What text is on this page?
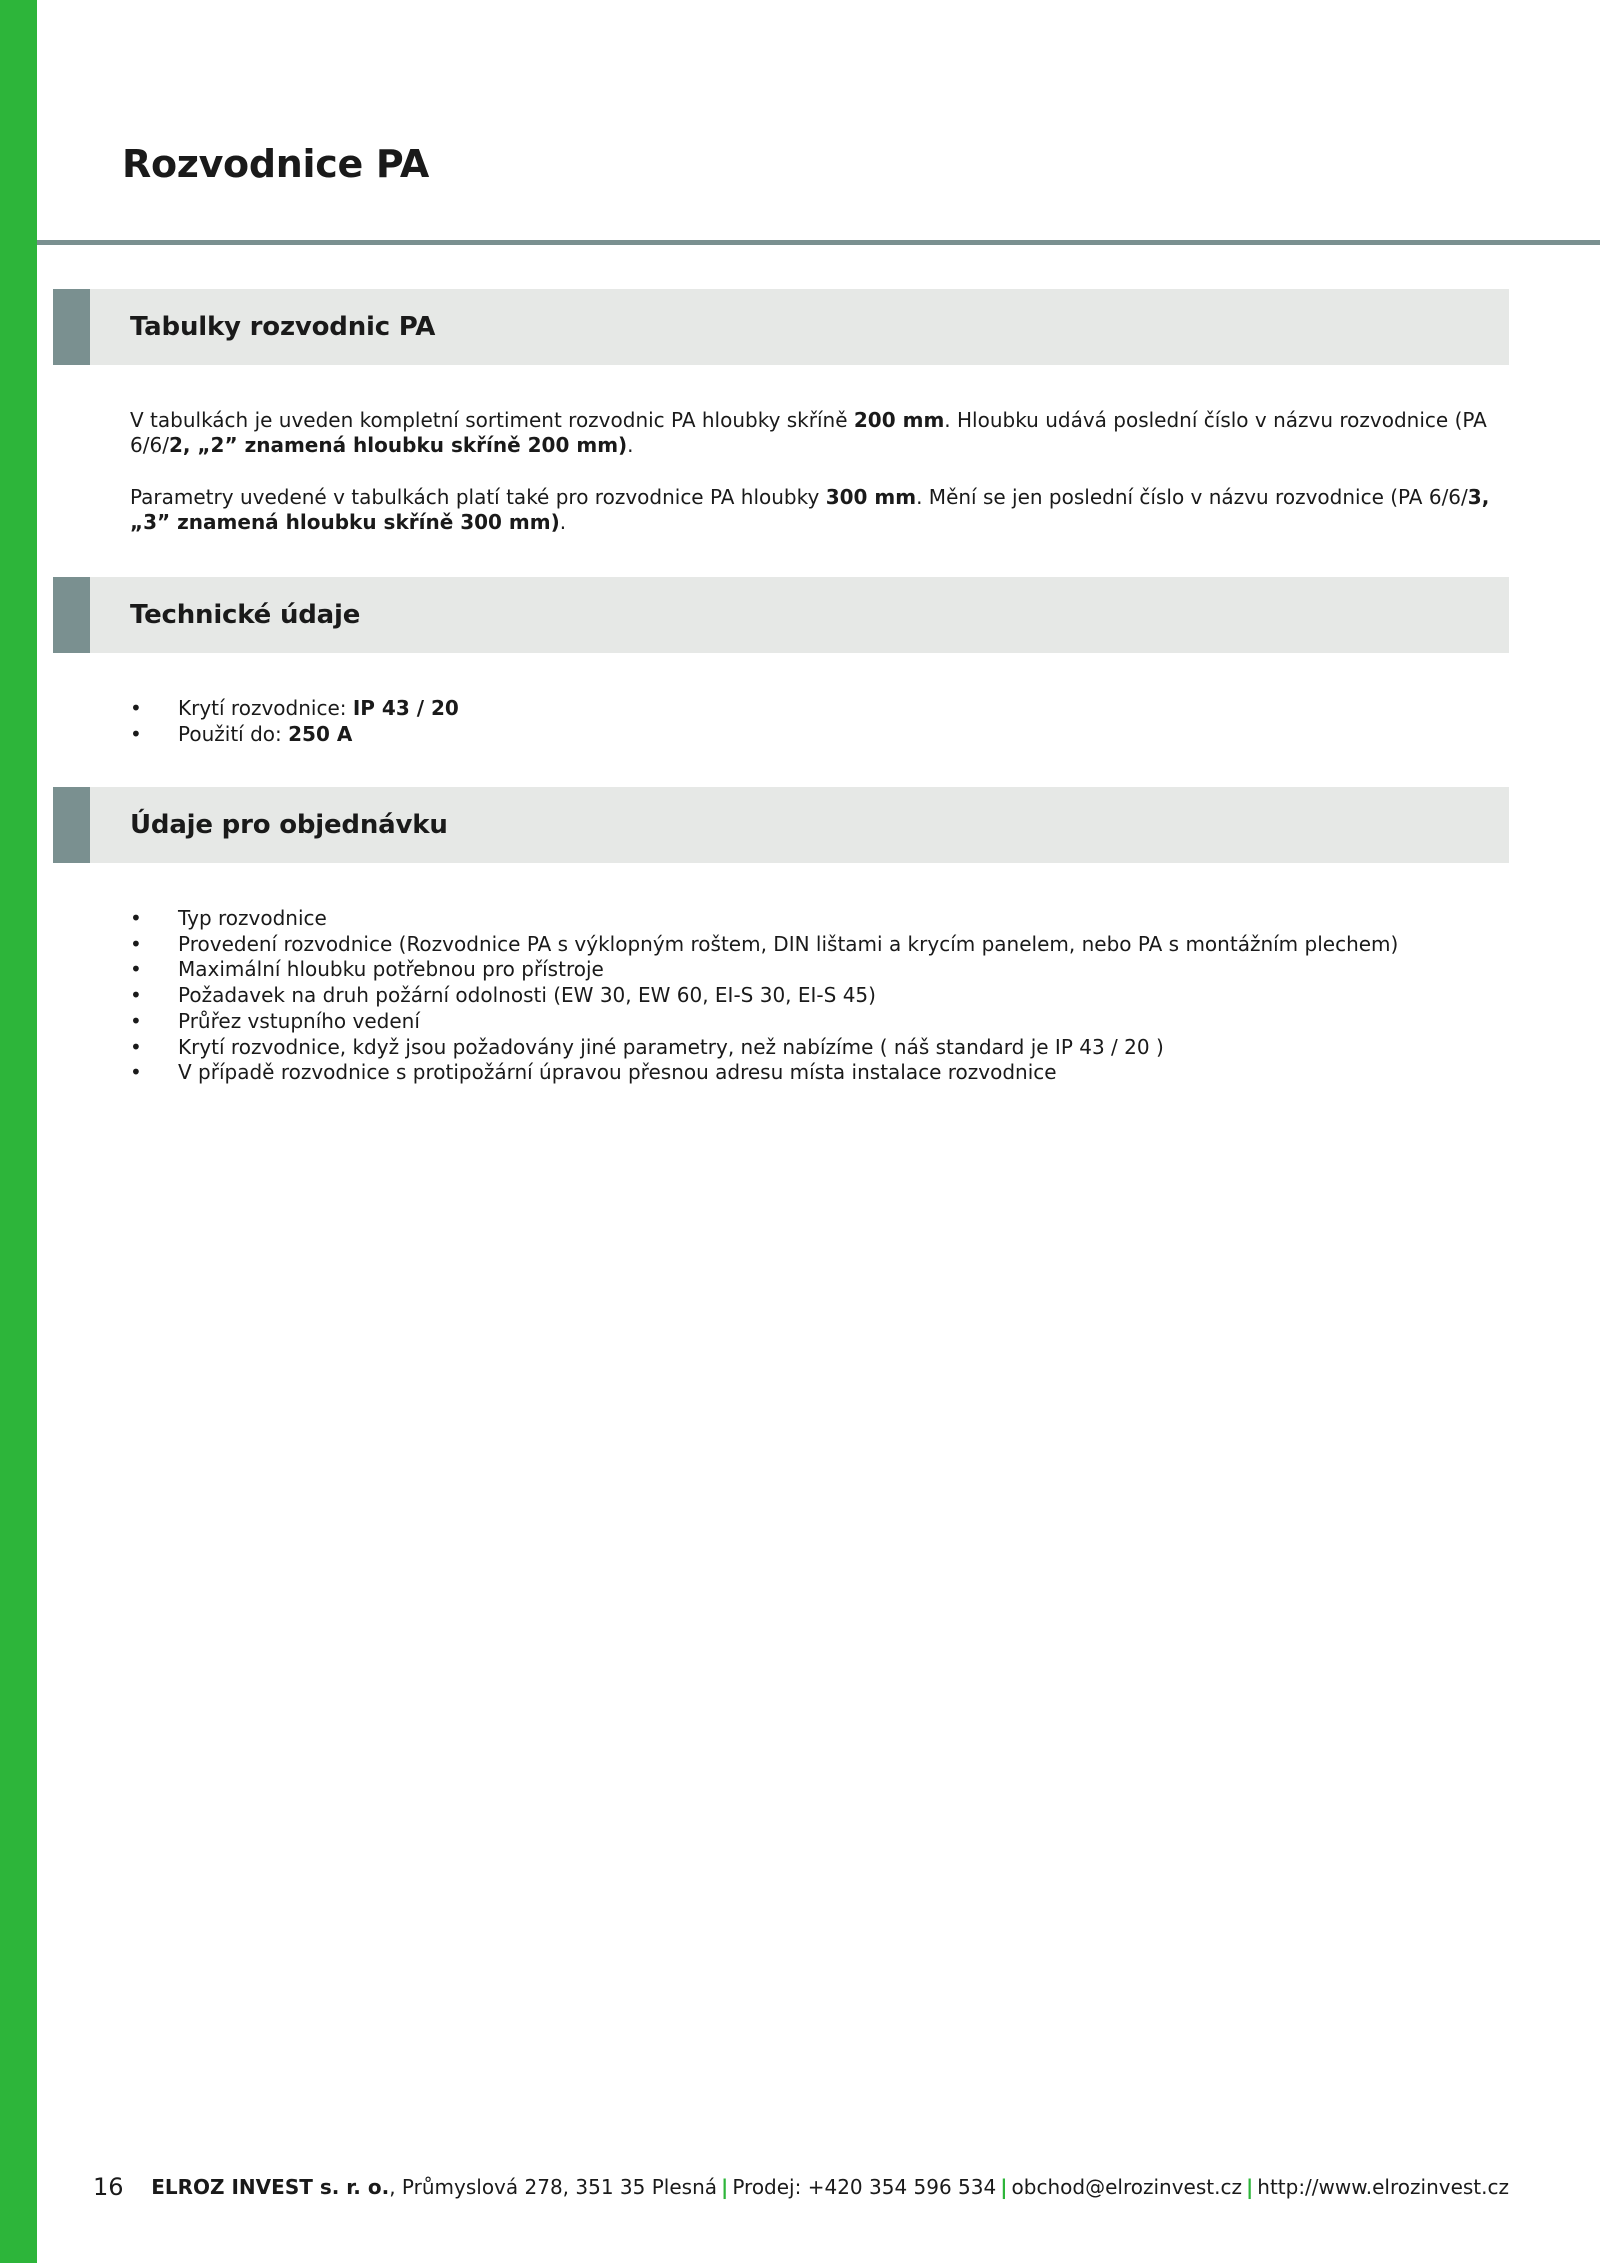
Rozvodnice PA
Tabulky rozvodnic PA

V tabulkách je uveden kompletní sortiment rozvodnic PA hloubky skříně 200 mm. Hloubku udává poslední číslo v názvu rozvodnice (PA 6/6/2, „2” znamená hloubku skříně 200 mm).

Parametry uvedené v tabulkách platí také pro rozvodnice PA hloubky 300 mm. Mění se jen poslední číslo v názvu rozvodnice (PA 6/6/3, „3” znamená hloubku skříně 300 mm).

Technické údaje
• Krytí rozvodnice: IP 43 / 20
• Použití do: 250 A
Údaje pro objednávku
• Typ rozvodnice
• Provedení rozvodnice (Rozvodnice PA s výklopným roštem, DIN lištami a krycím panelem, nebo PA s montážním plechem)
• Maximální hloubku potřebnou pro přístroje
• Požadavek na druh požární odolnosti (EW 30, EW 60, EI-S 30, EI-S 45)
• Průřez vstupního vedení
• Krytí rozvodnice, když jsou požadovány jiné parametry, než nabízíme ( náš standard je IP 43 / 20 )
• V případě rozvodnice s protipožární úpravou přesnou adresu místa instalace rozvodnice
16 ELROZ INVEST s. r. o., Průmyslová 278, 351 35 Plesná | Prodej: +420 354 596 534 | obchod@elrozinvest.cz | http://www.elrozinvest.cz
